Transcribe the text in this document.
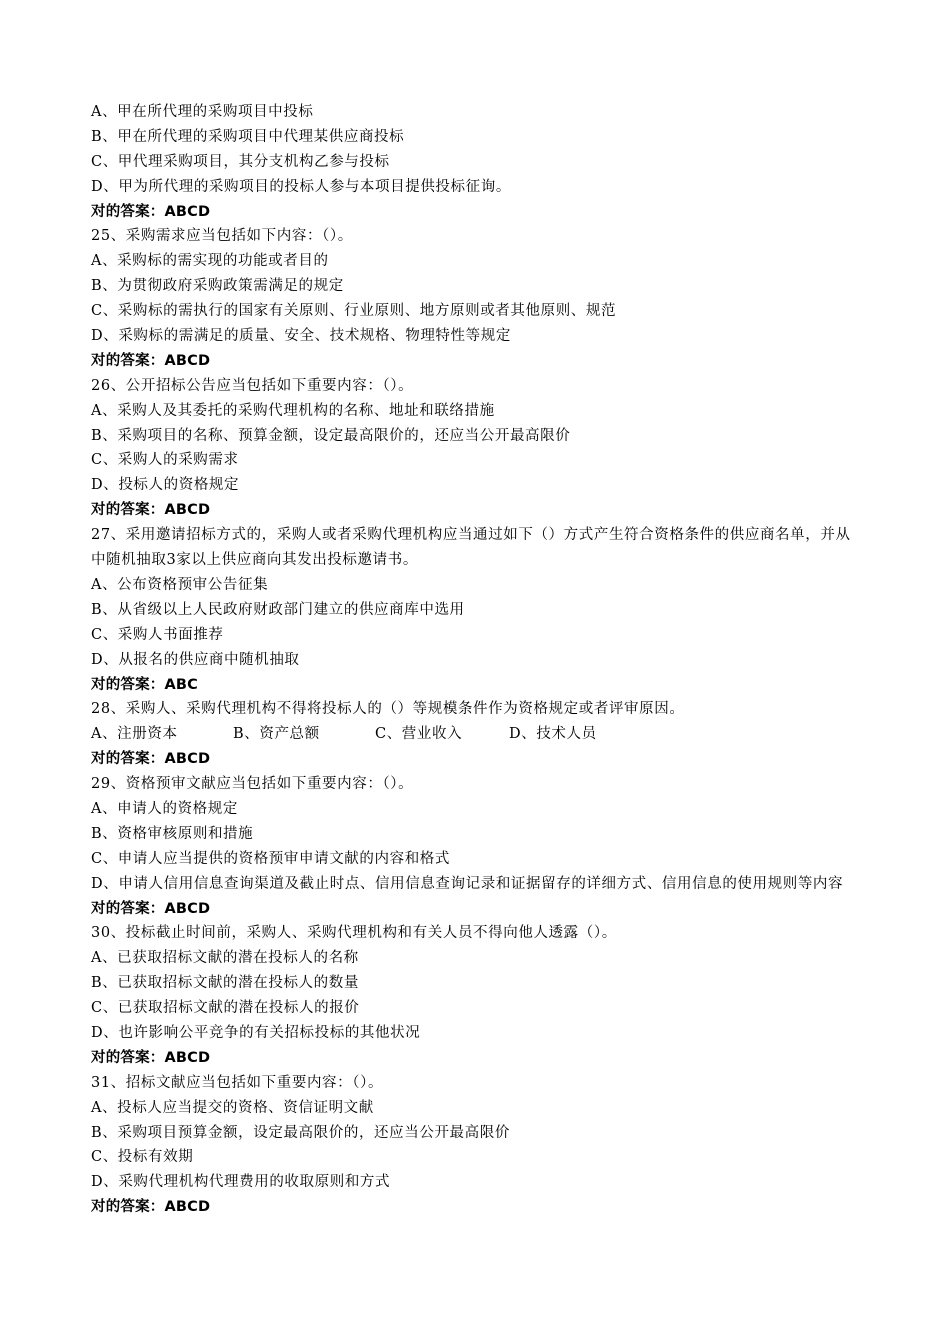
A、甲在所代理的采购项目中投标
B、甲在所代理的采购项目中代理某供应商投标
C、甲代理采购项目，其分支机构乙参与投标
D、甲为所代理的采购项目的投标人参与本项目提供投标征询。
对的答案：ABCD
25、采购需求应当包括如下内容：（）。
A、采购标的需实现的功能或者目的
B、为贯彻政府采购政策需满足的规定
C、采购标的需执行的国家有关原则、行业原则、地方原则或者其他原则、规范
D、采购标的需满足的质量、安全、技术规格、物理特性等规定
对的答案：ABCD
26、公开招标公告应当包括如下重要内容：（）。
A、采购人及其委托的采购代理机构的名称、地址和联络措施
B、采购项目的名称、预算金额，设定最高限价的，还应当公开最高限价
C、采购人的采购需求
D、投标人的资格规定
对的答案：ABCD
27、采用邀请招标方式的，采购人或者采购代理机构应当通过如下（）方式产生符合资格条件的供应商名单，并从中随机抽取3家以上供应商向其发出投标邀请书。
A、公布资格预审公告征集
B、从省级以上人民政府财政部门建立的供应商库中选用
C、采购人书面推荐
D、从报名的供应商中随机抽取
对的答案：ABC
28、采购人、采购代理机构不得将投标人的（）等规模条件作为资格规定或者评审原因。
A、注册资本	B、资产总额	C、营业收入	D、技术人员
对的答案：ABCD
29、资格预审文献应当包括如下重要内容：（）。
A、申请人的资格规定
B、资格审核原则和措施
C、申请人应当提供的资格预审申请文献的内容和格式
D、申请人信用信息查询渠道及截止时点、信用信息查询记录和证据留存的详细方式、信用信息的使用规则等内容
对的答案：ABCD
30、投标截止时间前，采购人、采购代理机构和有关人员不得向他人透露（）。
A、已获取招标文献的潜在投标人的名称
B、已获取招标文献的潜在投标人的数量
C、已获取招标文献的潜在投标人的报价
D、也许影响公平竞争的有关招标投标的其他状况
对的答案：ABCD
31、招标文献应当包括如下重要内容：（）。
A、投标人应当提交的资格、资信证明文献
B、采购项目预算金额，设定最高限价的，还应当公开最高限价
C、投标有效期
D、采购代理机构代理费用的收取原则和方式
对的答案：ABCD
